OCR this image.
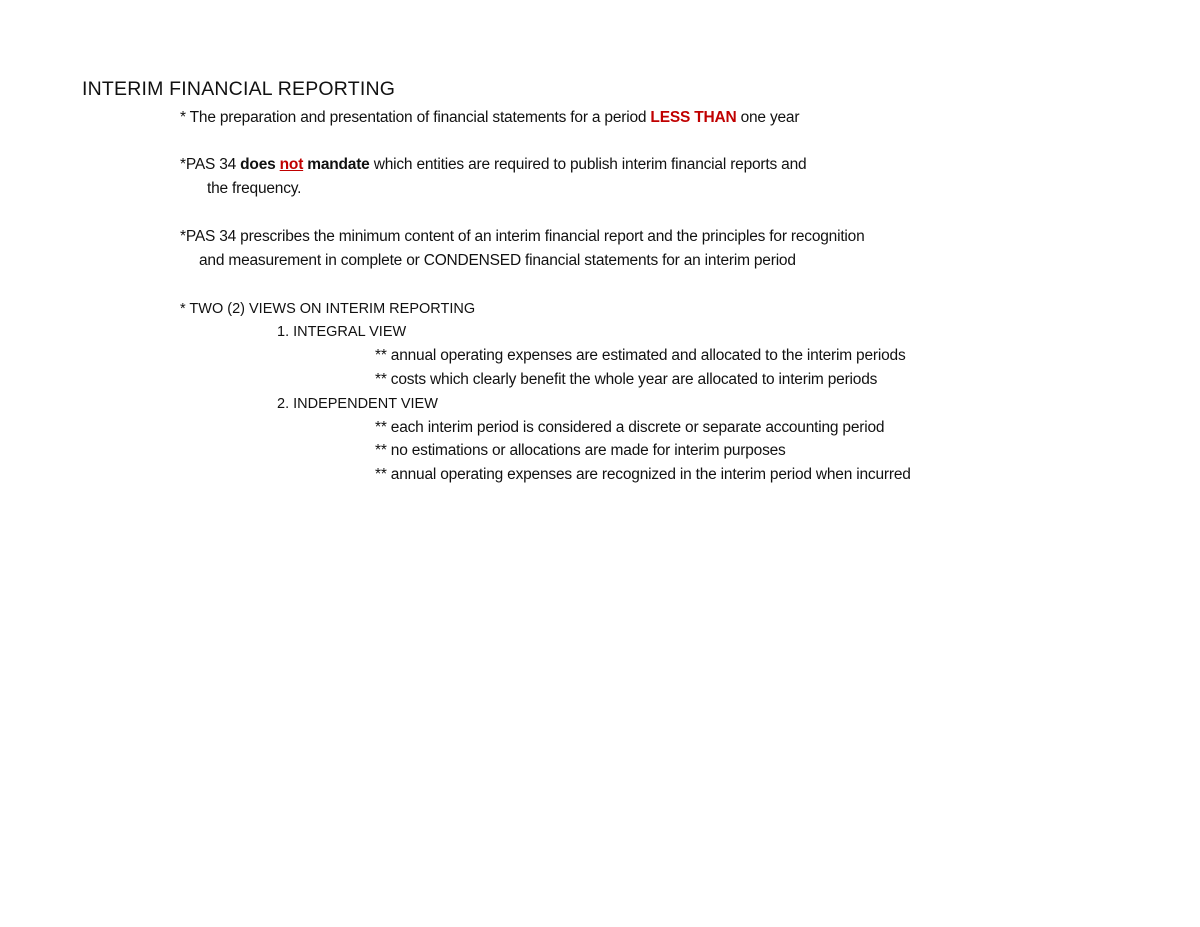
INTERIM FINANCIAL REPORTING
* The preparation and presentation of financial statements for a period LESS THAN one year
*PAS 34 does not mandate which entities are required to publish interim financial reports and
the frequency.
*PAS 34 prescribes the minimum content of an interim financial report and the principles for recognition
and measurement in complete or CONDENSED financial statements for an interim period
* TWO (2) VIEWS ON INTERIM REPORTING
1. INTEGRAL VIEW
** annual operating expenses are estimated and allocated to the interim periods
** costs which clearly benefit the whole year are allocated to interim periods
2. INDEPENDENT VIEW
** each interim period is considered a discrete or separate accounting period
** no estimations or allocations are made for interim purposes
** annual operating expenses are recognized in the interim period when incurred
